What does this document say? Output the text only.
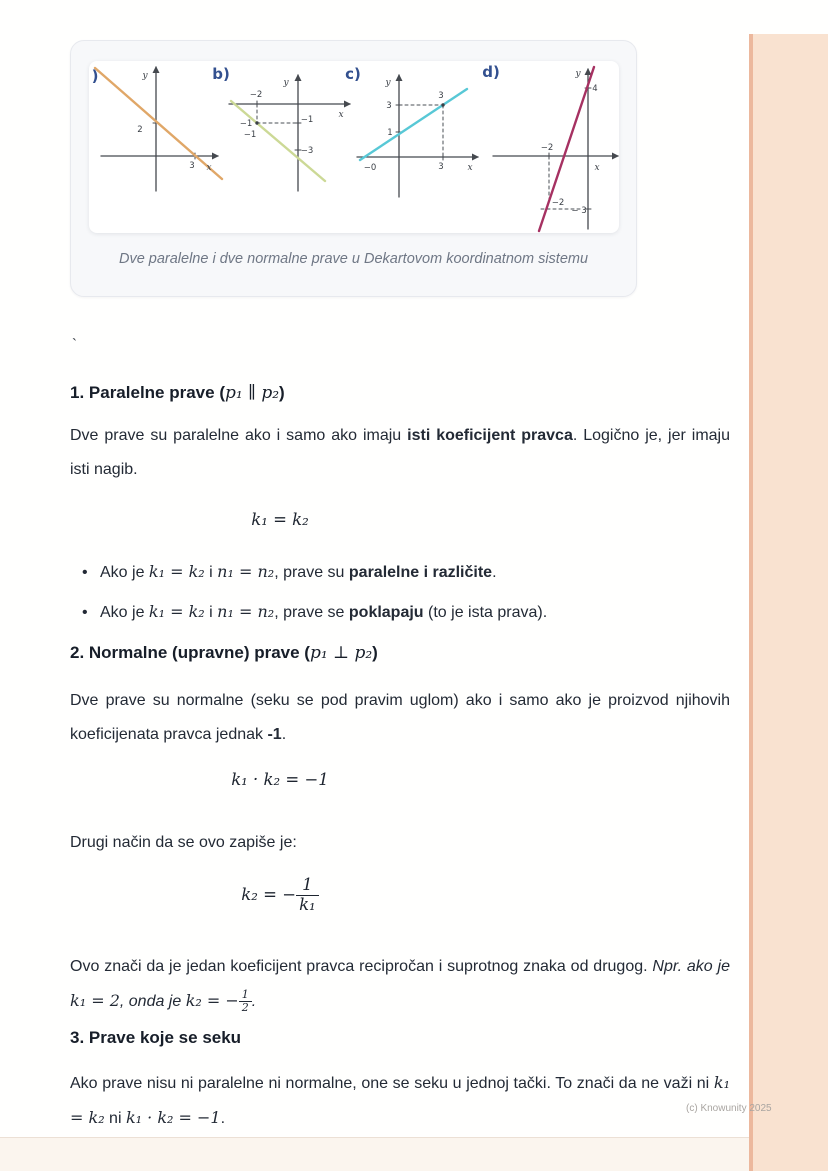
2
3
y
x
)
−2
−1
−1
−1
−3
y
x
b)
3
3
1
−0	3
y
x
c)
4
−2
−2
− 3
y
x
d)
Dve paralelne i dve normalne prave u Dekartovom koordinatnom sistemu
`
1. Paralelne prave (p₁ ∥ p₂)
Dve prave su paralelne ako i samo ako imaju isti koeficijent pravca. Logično je, jer imaju isti nagib.
k₁ = k₂
• Ako je k₁ = k₂ i n₁ = n₂, prave su paralelne i različite.
• Ako je k₁ = k₂ i n₁ = n₂, prave se poklapaju (to je ista prava).
2. Normalne (upravne) prave (p₁ ⊥ p₂)
Dve prave su normalne (seku se pod pravim uglom) ako i samo ako je proizvod njihovih koeficijenata pravca jednak -1.
k₁ · k₂ = −1
Drugi način da se ovo zapiše je:
k₂ = − $\frac{1}{\text{k₁}}$
Ovo znači da je jedan koeficijent pravca recipročan i suprotnog znaka od drugog. Npr. ako je k₁ = 2, onda je k₂ = − $\frac{1}{2}$ .
3. Prave koje se seku
Ako prave nisu ni paralelne ni normalne, one se seku u jednoj tački. To znači da ne važi ni k₁ = k₂ ni k₁ · k₂ = −1.
(c) Knowunity 2025
